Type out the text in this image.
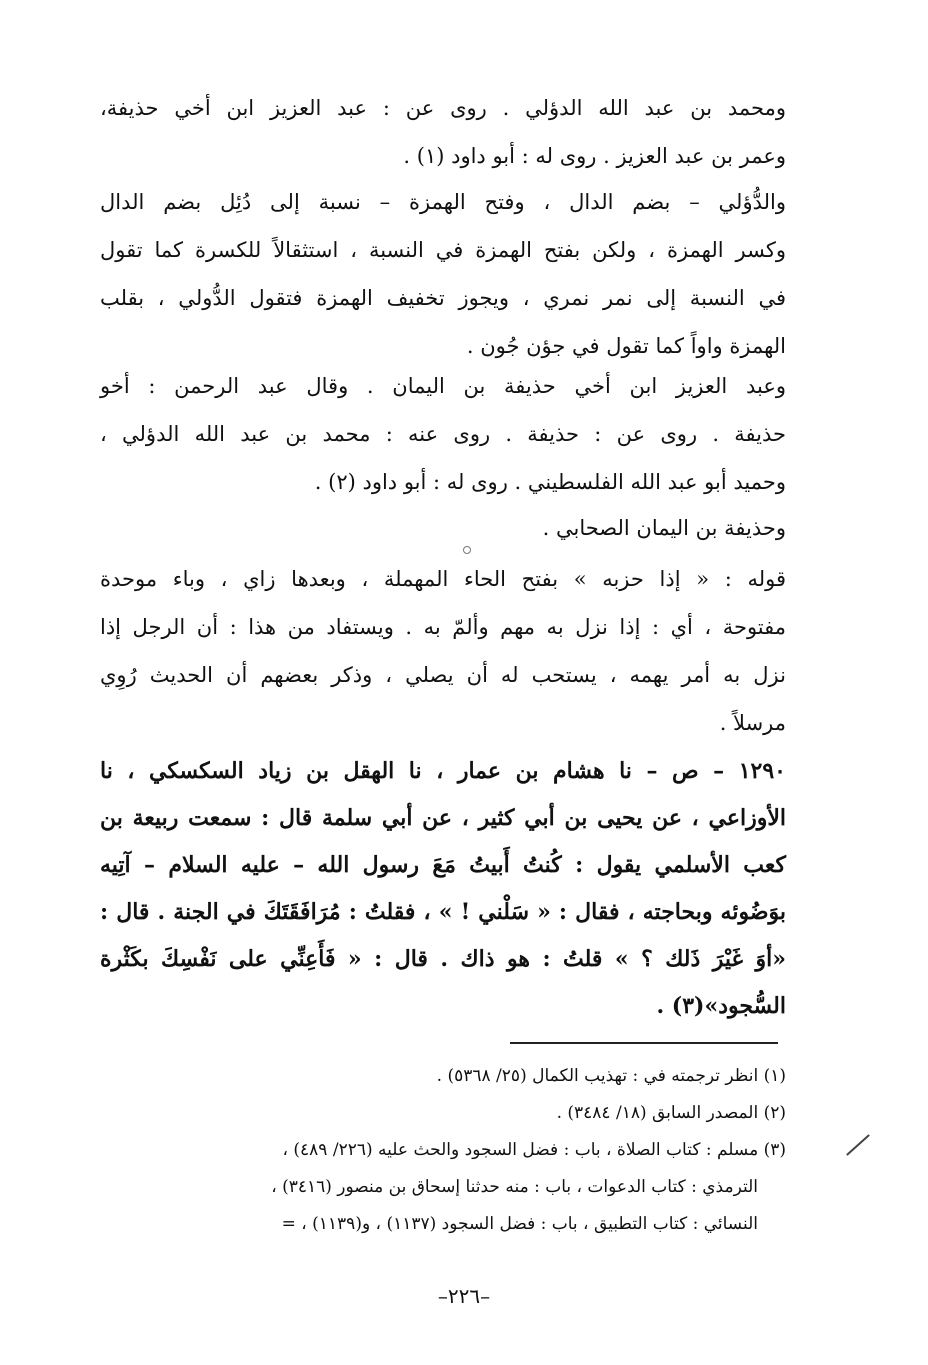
ومحمد بن عبد الله الدؤلي . روى عن : عبد العزيز ابن أخي حذيفة،
وعمر بن عبد العزيز . روى له : أبو داود (١) .
والدُّؤلي – بضم الدال ، وفتح الهمزة – نسبة إلى دُئِل بضم الدال
وكسر الهمزة ، ولكن بفتح الهمزة في النسبة ، استثقالاً للكسرة كما تقول
في النسبة إلى نمر نمري ، ويجوز تخفيف الهمزة فتقول الدُّولي ، بقلب
الهمزة واواً كما تقول في جؤن جُون .
وعبد العزيز ابن أخي حذيفة بن اليمان . وقال عبد الرحمن : أخو
حذيفة . روى عن : حذيفة . روى عنه : محمد بن عبد الله الدؤلي ،
وحميد أبو عبد الله الفلسطيني . روى له : أبو داود (٢) .
وحذيفة بن اليمان الصحابي .
قوله : « إذا حزبه » بفتح الحاء المهملة ، وبعدها زاي ، وباء موحدة
مفتوحة ، أي : إذا نزل به مهم وألمّ به . ويستفاد من هذا : أن الرجل إذا
نزل به أمر يهمه ، يستحب له أن يصلي ، وذكر بعضهم أن الحديث رُوِي
مرسلاً .
١٢٩٠ – ص – نا هشام بن عمار ، نا الهقل بن زياد السكسكي ، نا
الأوزاعي ، عن يحيى بن أبي كثير ، عن أبي سلمة قال : سمعت ربيعة بن
كعب الأسلمي يقول : كُنتُ أَبيتُ مَعَ رسول الله – عليه السلام – آتِيه
بوَضُوئه وبحاجته ، فقال : « سَلْني ! » ، فقلتُ : مُرَافَقَتَكَ في الجنة . قال :
«أوَ غَيْرَ ذَلك ؟ » قلتُ : هو ذاك . قال : « فَأَعِنِّي على نَفْسِكَ بكَثْرة
السُّجود»(٣) .
(١) انظر ترجمته في : تهذيب الكمال (٢٥/ ٥٣٦٨) .
(٢) المصدر السابق (١٨/ ٣٤٨٤) .
(٣) مسلم : كتاب الصلاة ، باب : فضل السجود والحث عليه (٢٢٦/ ٤٨٩) ،
الترمذي : كتاب الدعوات ، باب : منه حدثنا إسحاق بن منصور (٣٤١٦) ،
النسائي : كتاب التطبيق ، باب : فضل السجود (١١٣٧) ، و(١١٣٩) ، =
–٢٢٦–
